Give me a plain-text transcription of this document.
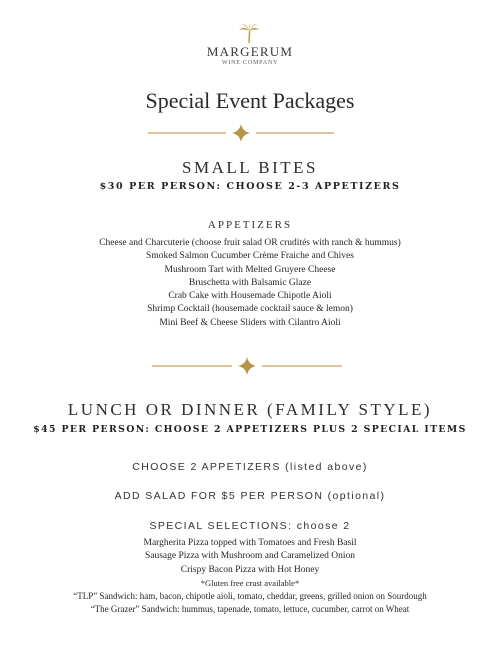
MARGERUM
WINE COMPANY
Special Event Packages
SMALL BITES
$30 PER PERSON: CHOOSE 2-3 APPETIZERS
APPETIZERS
Cheese and Charcuterie (choose fruit salad OR crudités with ranch & hummus)
Smoked Salmon Cucumber Crème Fraiche and Chives
Mushroom Tart with Melted Gruyere Cheese
Bruschetta with Balsamic Glaze
Crab Cake with Housemade Chipotle Aioli
Shrimp Cocktail (housemade cocktail sauce & lemon)
Mini Beef & Cheese Sliders with Cilantro Aioli
LUNCH OR DINNER (FAMILY STYLE)
$45 PER PERSON: CHOOSE 2 APPETIZERS PLUS 2 SPECIAL ITEMS
CHOOSE 2 APPETIZERS (listed above)
ADD SALAD FOR $5 PER PERSON (optional)
SPECIAL SELECTIONS: choose 2
Margherita Pizza topped with Tomatoes and Fresh Basil
Sausage Pizza with Mushroom and Caramelized Onion
Crispy Bacon Pizza with Hot Honey
*Gluten free crust available*
“TLP” Sandwich: ham, bacon, chipotle aioli, tomato, cheddar, greens, grilled onion on Sourdough
“The Grazer” Sandwich: hummus, tapenade, tomato, lettuce, cucumber, carrot on Wheat
